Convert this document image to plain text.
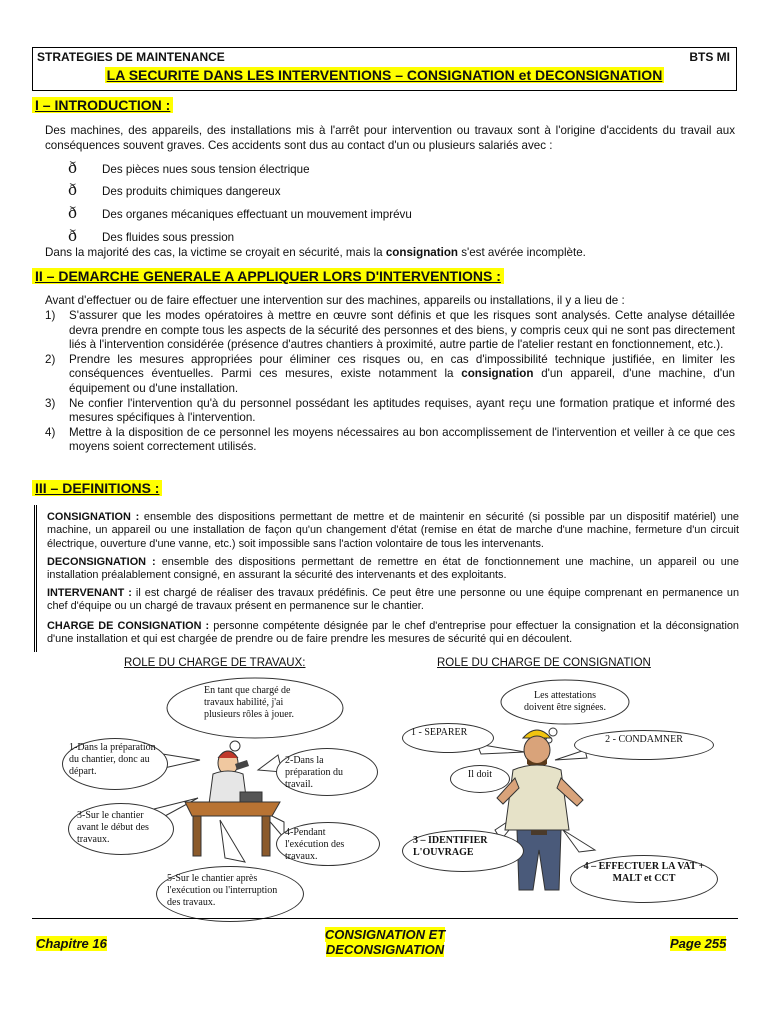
STRATEGIES DE MAINTENANCE	BTS MI
LA SECURITE DANS LES INTERVENTIONS – CONSIGNATION et DECONSIGNATION
I – INTRODUCTION :
Des machines, des appareils, des installations mis à l'arrêt pour intervention ou travaux sont à l'origine d'accidents du travail aux conséquences souvent graves. Ces accidents sont dus au contact d'un ou plusieurs salariés avec :
ð Des pièces nues sous tension électrique
ð Des produits chimiques dangereux
ð Des organes mécaniques effectuant un mouvement imprévu
ð Des fluides sous pression
Dans la majorité des cas, la victime se croyait en sécurité, mais la consignation s'est avérée incomplète.
II – DEMARCHE GENERALE A APPLIQUER LORS D'INTERVENTIONS :
Avant d'effectuer ou de faire effectuer une intervention sur des machines, appareils ou installations, il y a lieu de :
1) S'assurer que les modes opératoires à mettre en œuvre sont définis et que les risques sont analysés. Cette analyse détaillée devra prendre en compte tous les aspects de la sécurité des personnes et des biens, y compris ceux qui ne sont pas directement liés à l'intervention considérée (présence d'autres chantiers à proximité, autre partie de l'atelier restant en fonctionnement, etc.).
2) Prendre les mesures appropriées pour éliminer ces risques ou, en cas d'impossibilité technique justifiée, en limiter les conséquences éventuelles. Parmi ces mesures, existe notamment la consignation d'un appareil, d'une machine, d'un équipement ou d'une installation.
3) Ne confier l'intervention qu'à du personnel possédant les aptitudes requises, ayant reçu une formation pratique et informé des mesures spécifiques à l'intervention.
4) Mettre à la disposition de ce personnel les moyens nécessaires au bon accomplissement de l'intervention et veiller à ce que ces moyens soient correctement utilisés.
III – DEFINITIONS :
CONSIGNATION : ensemble des dispositions permettant de mettre et de maintenir en sécurité (si possible par un dispositif matériel) une machine, un appareil ou une installation de façon qu'un changement d'état (remise en état de marche d'une machine, fermeture d'un circuit électrique, ouverture d'une vanne, etc.) soit impossible sans l'action volontaire de tous les intervenants.
DECONSIGNATION : ensemble des dispositions permettant de remettre en état de fonctionnement une machine, un appareil ou une installation préalablement consigné, en assurant la sécurité des intervenants et des exploitants.
INTERVENANT : il est chargé de réaliser des travaux prédéfinis. Ce peut être une personne ou une équipe comprenant en permanence un chef d'équipe ou un chargé de travaux présent en permanence sur le chantier.
CHARGE DE CONSIGNATION : personne compétente désignée par le chef d'entreprise pour effectuer la consignation et la déconsignation d'une installation et qui est chargée de prendre ou de faire prendre les mesures de sécurité qui en découlent.
ROLE DU CHARGE DE TRAVAUX:
En tant que chargé de travaux habilité, j'ai plusieurs rôles à jouer.
1-Dans la préparation du chantier, donc au départ.
2-Dans la préparation du travail.
3-Sur le chantier avant le début des travaux.
4-Pendant l'exécution des travaux.
5-Sur le chantier après l'exécution ou l'interruption des travaux.
ROLE DU CHARGE DE CONSIGNATION
Les attestations doivent être signées.
1 - SEPARER
2 - CONDAMNER
Il doit
3 – IDENTIFIER L'OUVRAGE
4 – EFFECTUER LA VAT + MALT et CCT
Chapitre 16
CONSIGNATION ET DECONSIGNATION	Page 255
